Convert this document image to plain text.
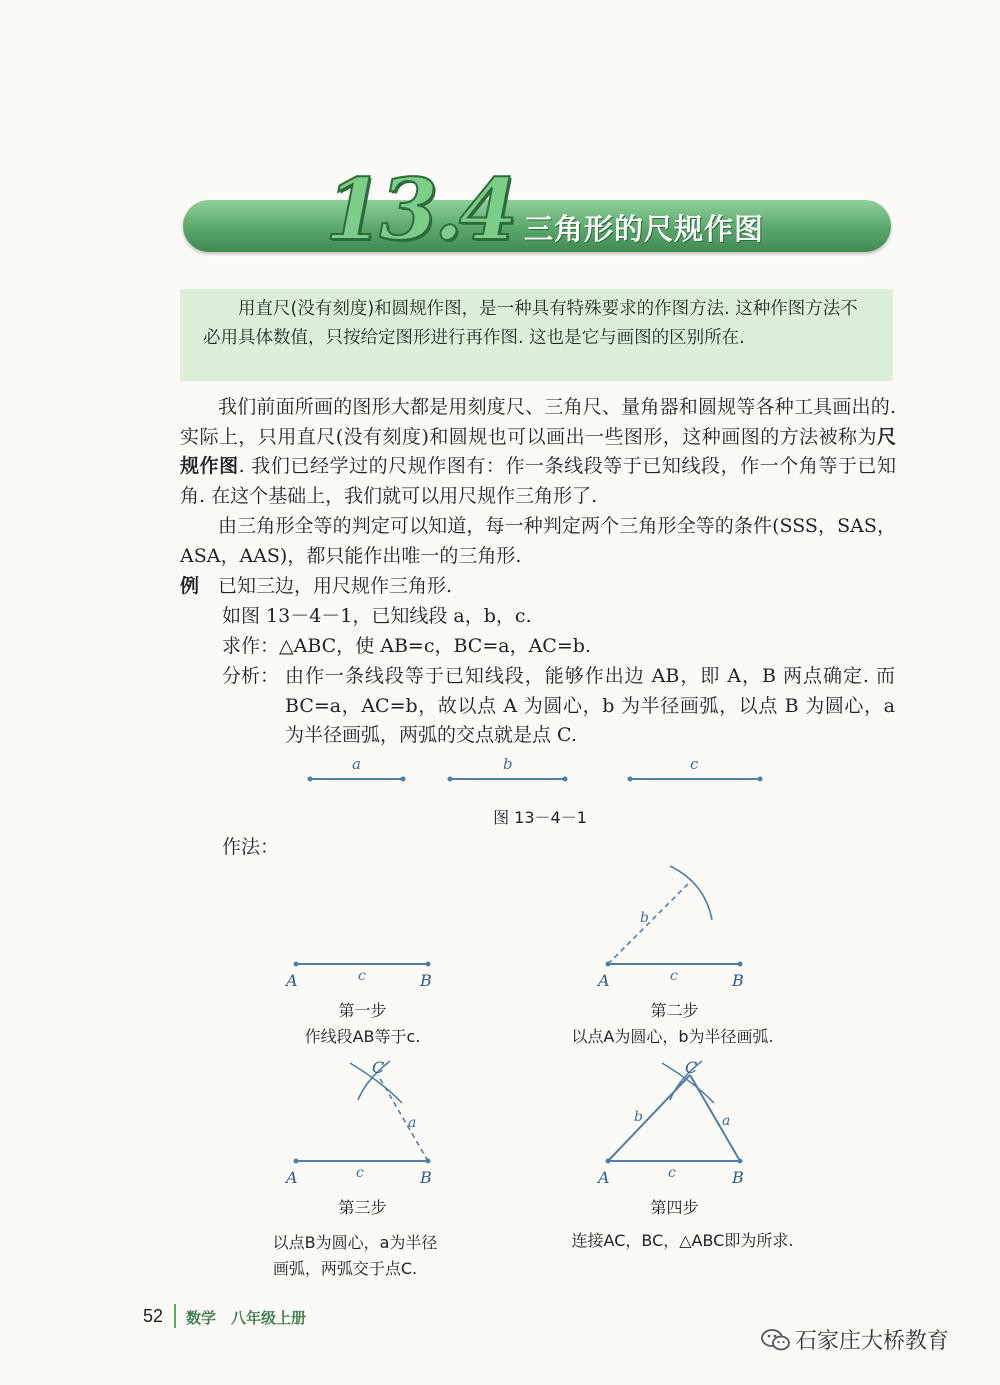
13.4 三角形的尺规作图
用直尺(没有刻度)和圆规作图，是一种具有特殊要求的作图方法. 这种作图方法不必用具体数值，只按给定图形进行再作图. 这也是它与画图的区别所在.
我们前面所画的图形大都是用刻度尺、三角尺、量角器和圆规等各种工具画出的. 实际上，只用直尺(没有刻度)和圆规也可以画出一些图形，这种画图的方法被称为尺规作图. 我们已经学过的尺规作图有：作一条线段等于已知线段，作一个角等于已知角. 在这个基础上，我们就可以用尺规作三角形了.
由三角形全等的判定可以知道，每一种判定两个三角形全等的条件(SSS，SAS，ASA，AAS)，都只能作出唯一的三角形.
例　 已知三边，用尺规作三角形.
如图 13－4－1，已知线段 a，b，c.
求作：△ABC，使 AB=c，BC=a，AC=b.
分析： 由作一条线段等于已知线段，能够作出边 AB，即 A，B 两点确定. 而 BC=a，AC=b，故以点 A 为圆心，b 为半径画弧，以点 B 为圆心，a 为半径画弧，两弧的交点就是点 C.
a	b	c
图 13－4－1
作法：
A	B
c
第一步
作线段AB等于c.
b
c
A	B
第二步
以点A为圆心，b为半径画弧.
C
a
c
A	B
第三步
以点B为圆心，a为半径
画弧，两弧交于点C.
C
b	a
c
A	B
第四步
连接AC，BC，△ABC即为所求.
52 数学　八年级上册
石家庄大桥教育
